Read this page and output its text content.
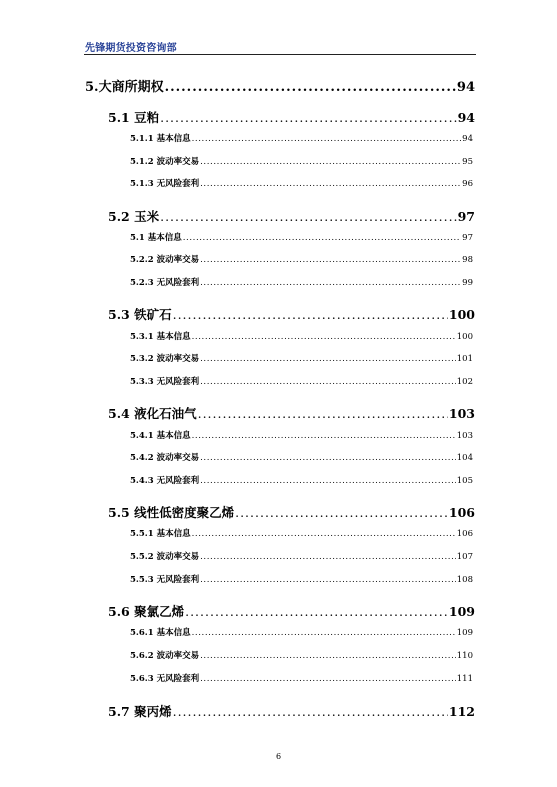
先锋期货投资咨询部
5.大商所期权 .....	94
5.1 豆粕 .....	94
5.1.1 基本信息 .....	94
5.1.2 波动率交易 .....	95
5.1.3 无风险套利 .....	96
5.2 玉米 .....	97
5.1 基本信息 .....	97
5.2.2 波动率交易 .....	98
5.2.3 无风险套利 .....	99
5.3 铁矿石 .....	100
5.3.1 基本信息 .....	100
5.3.2 波动率交易 .....	101
5.3.3 无风险套利 .....	102
5.4 液化石油气 .....	103
5.4.1 基本信息 .....	103
5.4.2 波动率交易 .....	104
5.4.3 无风险套利 .....	105
5.5 线性低密度聚乙烯 .....	106
5.5.1 基本信息 .....	106
5.5.2 波动率交易 .....	107
5.5.3 无风险套利 .....	108
5.6 聚氯乙烯 .....	109
5.6.1 基本信息 .....	109
5.6.2 波动率交易 .....	110
5.6.3 无风险套利 .....	111
5.7 聚丙烯 .....	112
6
